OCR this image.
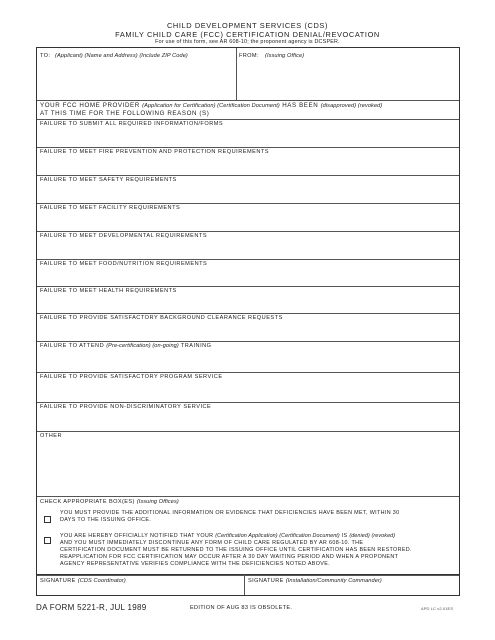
CHILD DEVELOPMENT SERVICES (CDS)
FAMILY CHILD CARE (FCC) CERTIFICATION DENIAL/REVOCATION
For use of this form, see AR 608-10; the proponent agency is DCSPER.
TO: (Applicant) (Name and Address) (Include ZIP Code)	FROM: (Issuing Office)
YOUR FCC HOME PROVIDER (Application for Certification) (Certification Document) HAS BEEN (disapproved) (revoked)
AT THIS TIME FOR THE FOLLOWING REASON (S)
FAILURE TO SUBMIT ALL REQUIRED INFORMATION/FORMS
FAILURE TO MEET FIRE PREVENTION AND PROTECTION REQUIREMENTS
FAILURE TO MEET SAFETY REQUIREMENTS
FAILURE TO MEET FACILITY REQUIREMENTS
FAILURE TO MEET DEVELOPMENTAL REQUIREMENTS
FAILURE TO MEET FOOD/NUTRITION REQUIREMENTS
FAILURE TO MEET HEALTH REQUIREMENTS
FAILURE TO PROVIDE SATISFACTORY BACKGROUND CLEARANCE REQUESTS
FAILURE TO ATTEND (Pre-certification) (on-going) TRAINING
FAILURE TO PROVIDE SATISFACTORY PROGRAM SERVICE
FAILURE TO PROVIDE NON-DISCRIMINATORY SERVICE
OTHER
CHECK APPROPRIATE BOX(ES) (Issuing Offices)
YOU MUST PROVIDE THE ADDITIONAL INFORMATION OR EVIDENCE THAT DEFICIENCIES HAVE BEEN MET, WITHIN 30
DAYS TO THE ISSUING OFFICE.
YOU ARE HEREBY OFFICIALLY NOTIFIED THAT YOUR (Certification Application) (Certification Document) IS (denied) (revoked)
AND YOU MUST IMMEDIATELY DISCONTINUE ANY FORM OF CHILD CARE REGULATED BY AR 608-10. THE
CERTIFICATION DOCUMENT MUST BE RETURNED TO THE ISSUING OFFICE UNTIL CERTIFICATION HAS BEEN RESTORED.
REAPPLICATION FOR FCC CERTIFICATION MAY OCCUR AFTER A 30 DAY WAITING PERIOD AND WHEN A PROPONENT
AGENCY REPRESENTATIVE VERIFIES COMPLIANCE WITH THE DEFICIENCIES NOTED ABOVE.
SIGNATURE (CDS Coordinator)	SIGNATURE (Installation/Community Commander)
DA FORM 5221-R, JUL 1989	EDITION OF AUG 83 IS OBSOLETE.	APD LC v2.01ES
